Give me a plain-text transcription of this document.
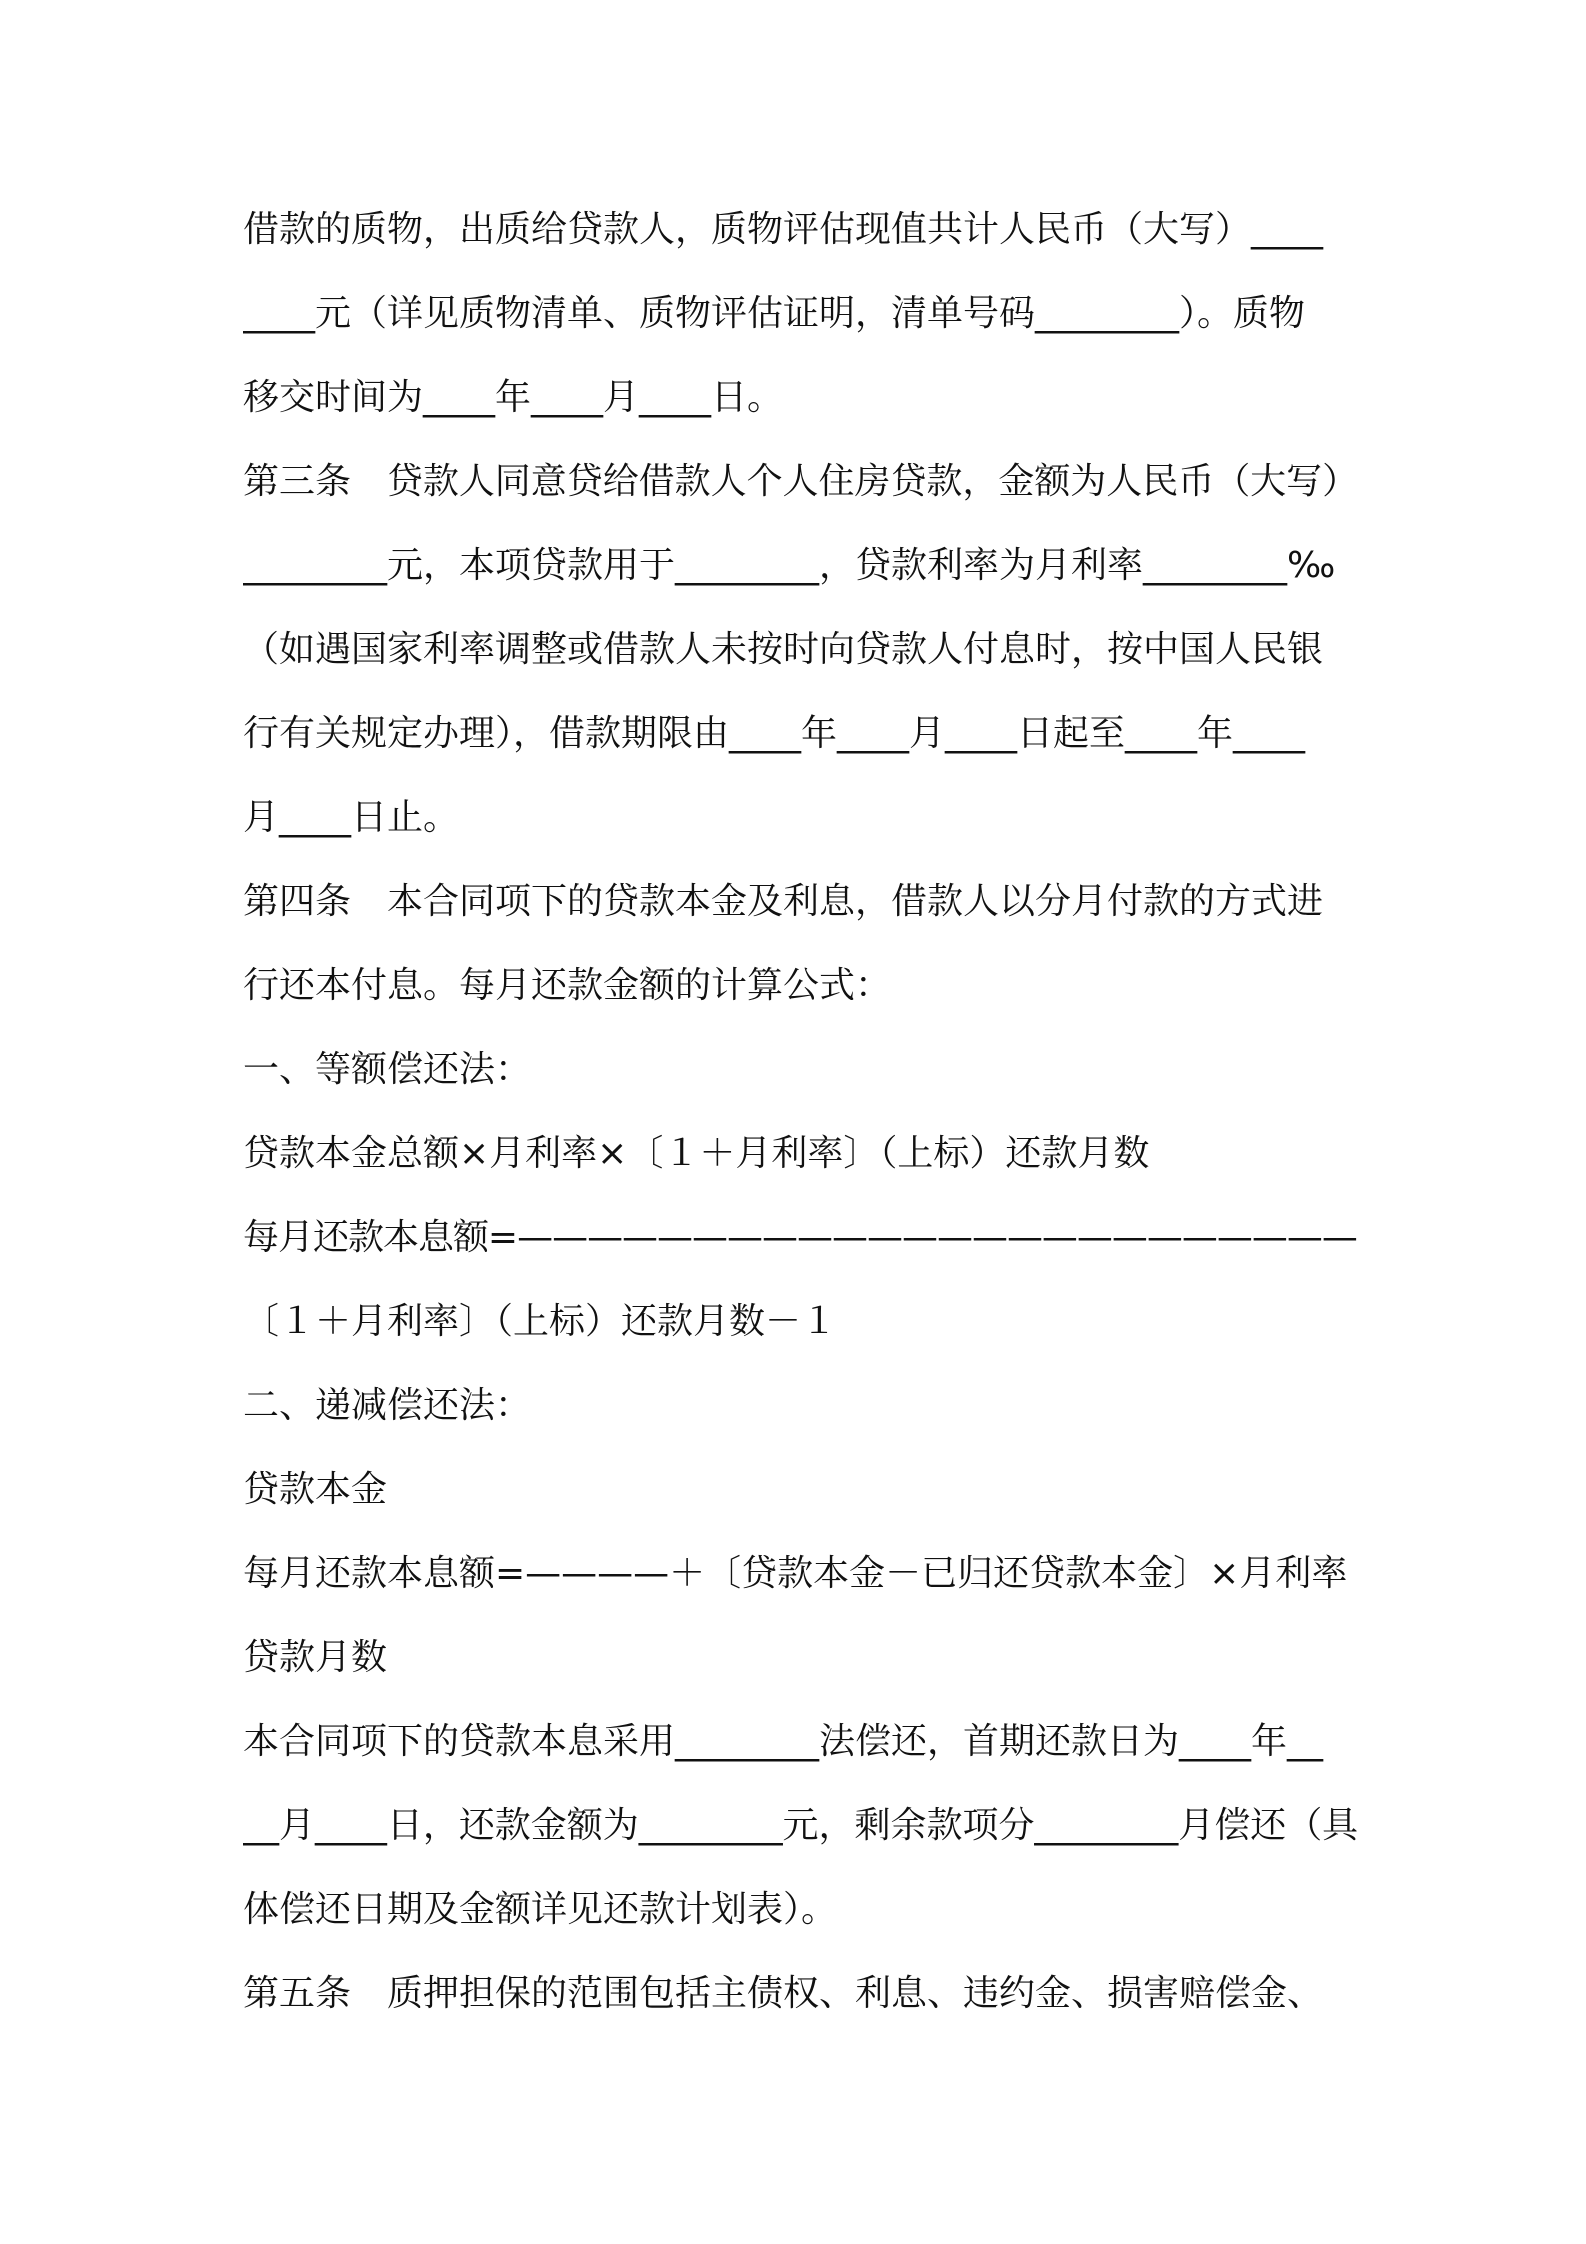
借款的质物，出质给贷款人，质物评估现值共计人民币（大写）____
____元（详见质物清单、质物评估证明，清单号码________）。质物
移交时间为____年____月____日。
第三条　贷款人同意贷给借款人个人住房贷款，金额为人民币（大写）
________元，本项贷款用于________，贷款利率为月利率________‰
（如遇国家利率调整或借款人未按时向贷款人付息时，按中国人民银
行有关规定办理），借款期限由____年____月____日起至____年____
月____日止。
第四条　本合同项下的贷款本金及利息，借款人以分月付款的方式进
行还本付息。每月还款金额的计算公式：
一、等额偿还法：
贷款本金总额×月利率×〔１＋月利率〕（上标）还款月数
每月还款本息额=————————————————————————
〔１＋月利率〕（上标）还款月数－１
二、递减偿还法：
贷款本金
每月还款本息额=————＋〔贷款本金－已归还贷款本金〕×月利率
贷款月数
本合同项下的贷款本息采用________法偿还，首期还款日为____年__
__月____日，还款金额为________元，剩余款项分________月偿还（具
体偿还日期及金额详见还款计划表）。
第五条　质押担保的范围包括主债权、利息、违约金、损害赔偿金、
